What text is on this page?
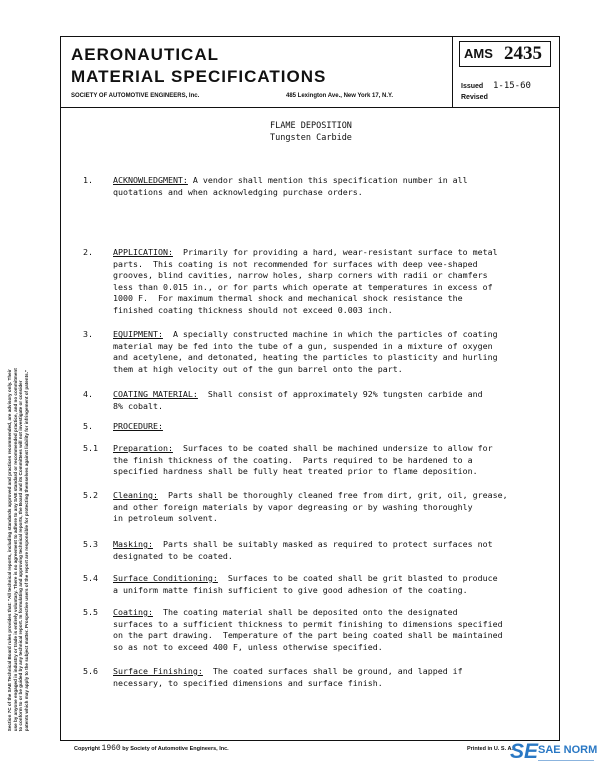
AERONAUTICAL
MATERIAL SPECIFICATIONS
SOCIETY OF AUTOMOTIVE ENGINEERS, Inc.	485 Lexington Ave., New York 17, N.Y.
AMS 2435
Issued 1-15-60
Revised
FLAME DEPOSITION
Tungsten Carbide
1. ACKNOWLEDGMENT: A vendor shall mention this specification number in all
quotations and when acknowledging purchase orders.
2. APPLICATION:  Primarily for providing a hard, wear-resistant surface to metal
parts.  This coating is not recommended for surfaces with deep vee-shaped
grooves, blind cavities, narrow holes, sharp corners with radii or chamfers
less than 0.015 in., or for parts which operate at temperatures in excess of
1000 F.  For maximum thermal shock and mechanical shock resistance the
finished coating thickness should not exceed 0.003 inch.
3. EQUIPMENT:  A specially constructed machine in which the particles of coating
material may be fed into the tube of a gun, suspended in a mixture of oxygen
and acetylene, and detonated, heating the particles to plasticity and hurling
them at high velocity out of the gun barrel onto the part.
4. COATING MATERIAL:  Shall consist of approximately 92% tungsten carbide and
8% cobalt.
5. PROCEDURE:
5.1 Preparation:  Surfaces to be coated shall be machined undersize to allow for
the finish thickness of the coating.  Parts required to be hardened to a
specified hardness shall be fully heat treated prior to flame deposition.
5.2 Cleaning:  Parts shall be thoroughly cleaned free from dirt, grit, oil, grease,
and other foreign materials by vapor degreasing or by washing thoroughly
in petroleum solvent.
5.3 Masking:  Parts shall be suitably masked as required to protect surfaces not
designated to be coated.
5.4 Surface Conditioning:  Surfaces to be coated shall be grit blasted to produce
a uniform matte finish sufficient to give good adhesion of the coating.
5.5 Coating:  The coating material shall be deposited onto the designated
surfaces to a sufficient thickness to permit finishing to dimensions specified
on the part drawing.  Temperature of the part being coated shall be maintained
so as not to exceed 400 F, unless otherwise specified.
5.6 Surface Finishing:  The coated surfaces shall be ground, and lapped if
necessary, to specified dimensions and surface finish.
Section 7C of the SAE Technical Board rules provides that: "All technical reports, including standards approved and practices recommended, are advisory only. Their use by anyone engaged in industry or trade is entirely voluntary. There is no agreement to adhere to any SAE standard or recommended practice, and no commitment to conform to or be guided by any technical report. In formulating and approving technical reports, the Board and its Committees will not investigate or consider patents which may apply to the subject matter. Prospective users of the report are responsible for protecting themselves against liability for infringement of patents."
Copyright 1960 by Society of Automotive Engineers, Inc.	Printed in U. S. A.
SE SAE NORM
